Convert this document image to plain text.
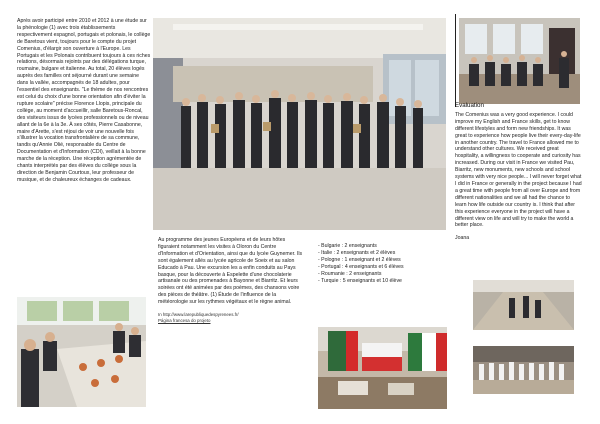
Après avoir participé entre 2010 et 2012 à une étude sur la phénologie (1) avec trois établissements respectivement espagnol, portugais et polonais, le collège de Baretous vient, toujours pour le compte du projet Comenius, d'élargir son ouverture à l'Europe. Les Portugais et les Polonais contribuent toujours à ces riches relations, désormais rejoints par des délégations turque, roumaine, bulgare et italienne. Au total, 20 élèves logés auprès des familles ont séjourné durant une semaine dans la vallée, accompagnés de 18 adultes, pour l'essentiel des enseignants. "Le thème de nos rencontres est celui du choix d'une bonne orientation afin d'éviter la rupture scolaire" précise Florence Llopis, principale du collège, au moment d'accueillir, salle Baretous-Roncal, des visiteurs issus de lycées professionnels ou de niveau allant de la 6e à la 3e. À ses côtés, Pierre Casabonne, maire d'Arette, s'est réjoui de voir une nouvelle fois s'illustrer la vocation transfrontalière de sa commune, tandis qu'Annie Olié, responsable du Centre de Documentation et d'Information (CDI), veillait à la bonne marche de la réception. Une réception agrémentée de chants interprétés par des élèves du collège sous la direction de Benjamin Courtoux, leur professeur de musique, et de chaleureux échanges de cadeaux.

Evaluation

The Comenius was a very good experience. I could improve my English and France skills, get to know different lifestyles and form new friendships. It was great to experience how people live their every-day-life in another country. The travel to France allowed me to understand other cultures. We received great hospitality, a willingness to cooperate and curiosity has increased. During our visit in France we visited Pau, Biarritz, new monuments, new schools and school systems with very nice people... I will never forget what I did in France or generally in the project because I had a great time with people from all over Europe and from different nationalities and we all had the chance to learn how life outside our country is. I think that after this experience everyone in the project will have a different view on life and will try to make the world a better place.

Joana

Au programme des jeunes Européens et de leurs hôtes figuraient notamment les visites à Oloron du Centre d'Information et d'Orientation, ainsi que du lycée Guynemer. Ils sont également allés au lycée agricole de Soeix et au salon Educado à Pau. Une excursion les a enfin conduits au Pays basque, pour la découverte à Espelette d'une chocolaterie artisanale ou des promenades à Bayonne et Biarritz. Et leurs soirées ont été animées par des poèmes, des chansons voire des pièces de théâtre. (1) Étude de l'influence de la météorologie sur les rythmes végétaux et le règne animal.

In http://www.larepubliquedespyrenees.fr/
Página francesa do projeto
- Bulgarie : 2 enseignants
- Italie : 2 enseignants et 2 élèves
- Pologne : 1 enseignant et 2 élèves
- Portugal : 4 enseignants et 6 élèves
- Roumanie : 2 enseignants
- Turquie : 5 enseignants et 10 élève
